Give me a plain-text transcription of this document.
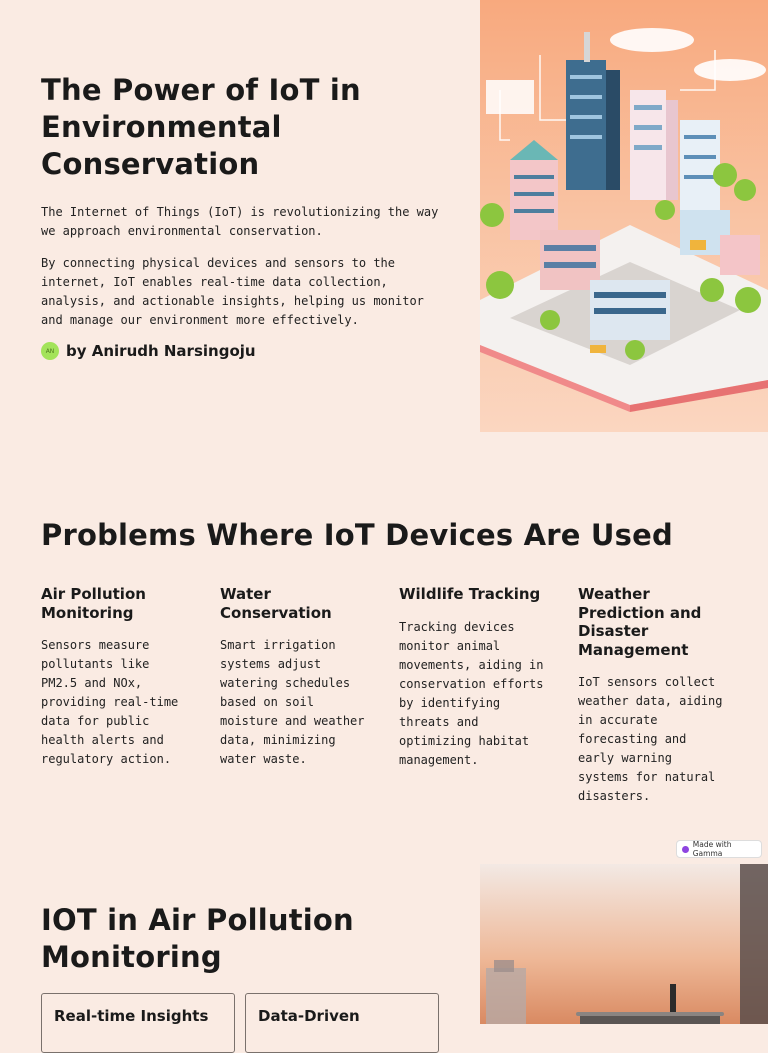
The Power of IoT in Environmental Conservation

The Internet of Things (IoT) is revolutionizing the way we approach environmental conservation.

By connecting physical devices and sensors to the internet, IoT enables real-time data collection, analysis, and actionable insights, helping us monitor and manage our environment more effectively.

AN by Anirudh Narsingoju
Problems Where IoT Devices Are Used
Air Pollution Monitoring

Sensors measure pollutants like PM2.5 and NOx, providing real-time data for public health alerts and regulatory action.

Water Conservation

Smart irrigation systems adjust watering schedules based on soil moisture and weather data, minimizing water waste.

Wildlife Tracking

Tracking devices monitor animal movements, aiding in conservation efforts by identifying threats and optimizing habitat management.

Weather Prediction and Disaster Management

IoT sensors collect weather data, aiding in accurate forecasting and early warning systems for natural disasters.

Made with Gamma
IOT in Air Pollution Monitoring

Real-time Insights	Data-Driven
